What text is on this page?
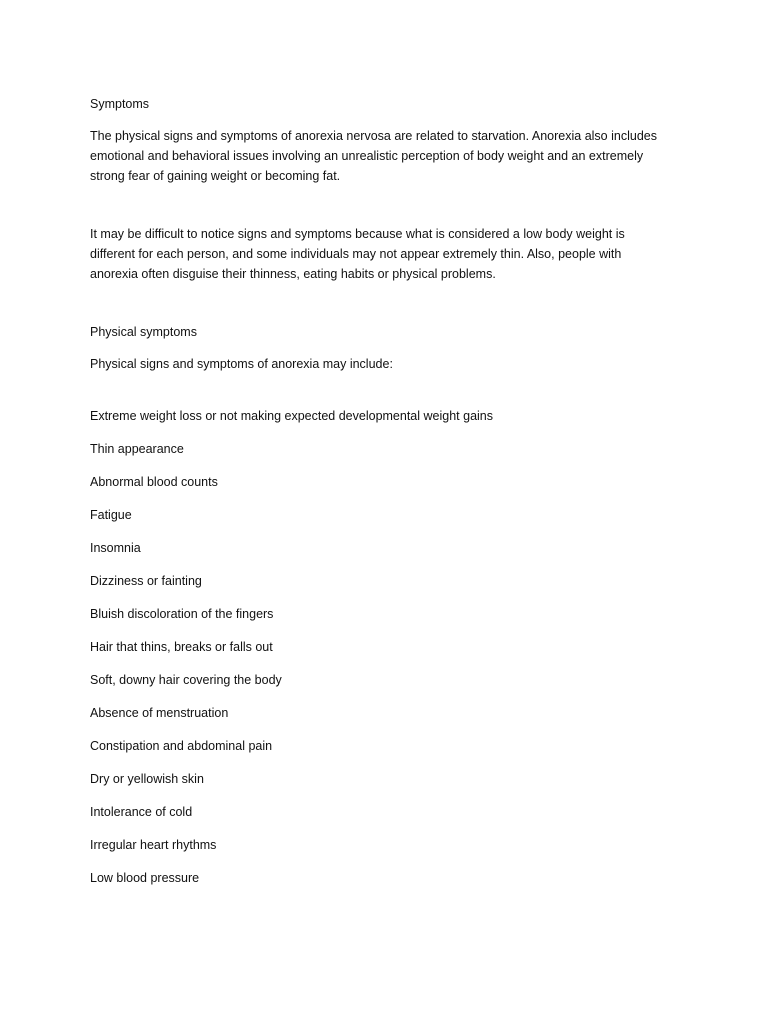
Symptoms

The physical signs and symptoms of anorexia nervosa are related to starvation. Anorexia also includes

emotional and behavioral issues involving an unrealistic perception of body weight and an extremely

strong fear of gaining weight or becoming fat.

It may be difficult to notice signs and symptoms because what is considered a low body weight is

different for each person, and some individuals may not appear extremely thin. Also, people with

anorexia often disguise their thinness, eating habits or physical problems.

Physical symptoms

Physical signs and symptoms of anorexia may include:

Extreme weight loss or not making expected developmental weight gains

Thin appearance

Abnormal blood counts

Fatigue

Insomnia

Dizziness or fainting

Bluish discoloration of the fingers

Hair that thins, breaks or falls out

Soft, downy hair covering the body

Absence of menstruation

Constipation and abdominal pain

Dry or yellowish skin

Intolerance of cold

Irregular heart rhythms

Low blood pressure
